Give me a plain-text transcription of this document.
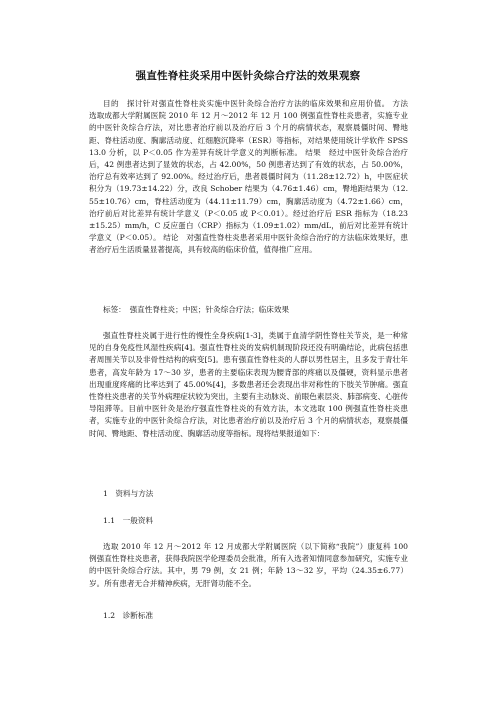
强直性脊柱炎采用中医针灸综合疗法的效果观察

目的　探讨针对强直性脊柱炎实施中医针灸综合治疗方法的临床效果和应用价值。 方法　选取成都大学附属医院 2010 年 12 月～2012 年 12 月 100 例强直性脊柱炎患者，实施专业的中医针灸综合疗法，对比患者治疗前以及治疗后 3 个月的病情状态，观察晨僵时间、臀地距、脊柱活动度、胸廓活动度、红细胞沉降率（ESR）等指标，对结果使用统计学软件 SPSS 13.0 分析，以 P＜0.05 作为差异有统计学意义的判断标准。 结果　经过中医针灸综合治疗后，42 例患者达到了显效的状态，占 42.00%，50 例患者达到了有效的状态，占 50.00%，治疗总有效率达到了 92.00%。经过治疗后，患者晨僵时间为（11.28±12.72）h，中医症状积分为（19.73±14.22）分，改良 Schober 结果为（4.76±1.46）cm，臀地距结果为（12.55±10.76）cm，脊柱活动度为（44.11±11.79）cm，胸廓活动度为（4.72±1.66）cm，治疗前后对比差异有统计学意义（P＜0.05 或 P＜0.01）。经过治疗后 ESR 指标为（18.23±15.25）mm/h，C 反应蛋白（CRP）指标为（1.09±1.02）mm/dL，前后对比差异有统计学意义（P＜0.05）。 结论　对强直性脊柱炎患者采用中医针灸综合治疗的方法临床效果好，患者治疗后生活质量显著提高，具有较高的临床价值，值得推广应用。

标签：　强直性脊柱炎；中医；针灸综合疗法；临床效果

强直性脊柱炎属于进行性的慢性全身疾病[1-3]，类属于血清学阴性脊柱关节炎，是一种常见的自身免疫性风湿性疾病[4]。强直性脊柱炎的发病机制现阶段还没有明确结论，此病包括患者周围关节以及非骨性结构的病变[5]。患有强直性脊柱炎的人群以男性居主，且多发于青壮年患者，高发年龄为 17～30 岁，患者的主要临床表现为腰背部的疼痛以及僵硬，资料显示患者出现重度疼痛的比率达到了 45.00%[4]，多数患者还会表现出非对称性的下肢关节肿痛。强直性脊柱炎患者的关节外病理症状较为突出，主要有主动脉炎、前眼色素层炎、肺部病变、心脏传导阻滞等。目前中医针灸是治疗强直性脊柱炎的有效方法，本文选取 100 例强直性脊柱炎患者，实施专业的中医针灸综合疗法，对比患者治疗前以及治疗后 3 个月的病情状态，观察晨僵时间、臀地距、脊柱活动度、胸廓活动度等指标。现将结果报道如下：

1　资料与方法
1.1　一般资料

选取 2010 年 12 月～2012 年 12 月成都大学附属医院（以下简称“我院”）康复科 100 例强直性脊柱炎患者，获得我院医学伦理委员会批准，所有入选者知情同意参加研究，实施专业的中医针灸综合疗法。其中，男 79 例，女 21 例；年龄 13～32 岁，平均（24.35±6.77）岁。所有患者无合并精神疾病，无肝肾功能不全。

1.2　诊断标准
